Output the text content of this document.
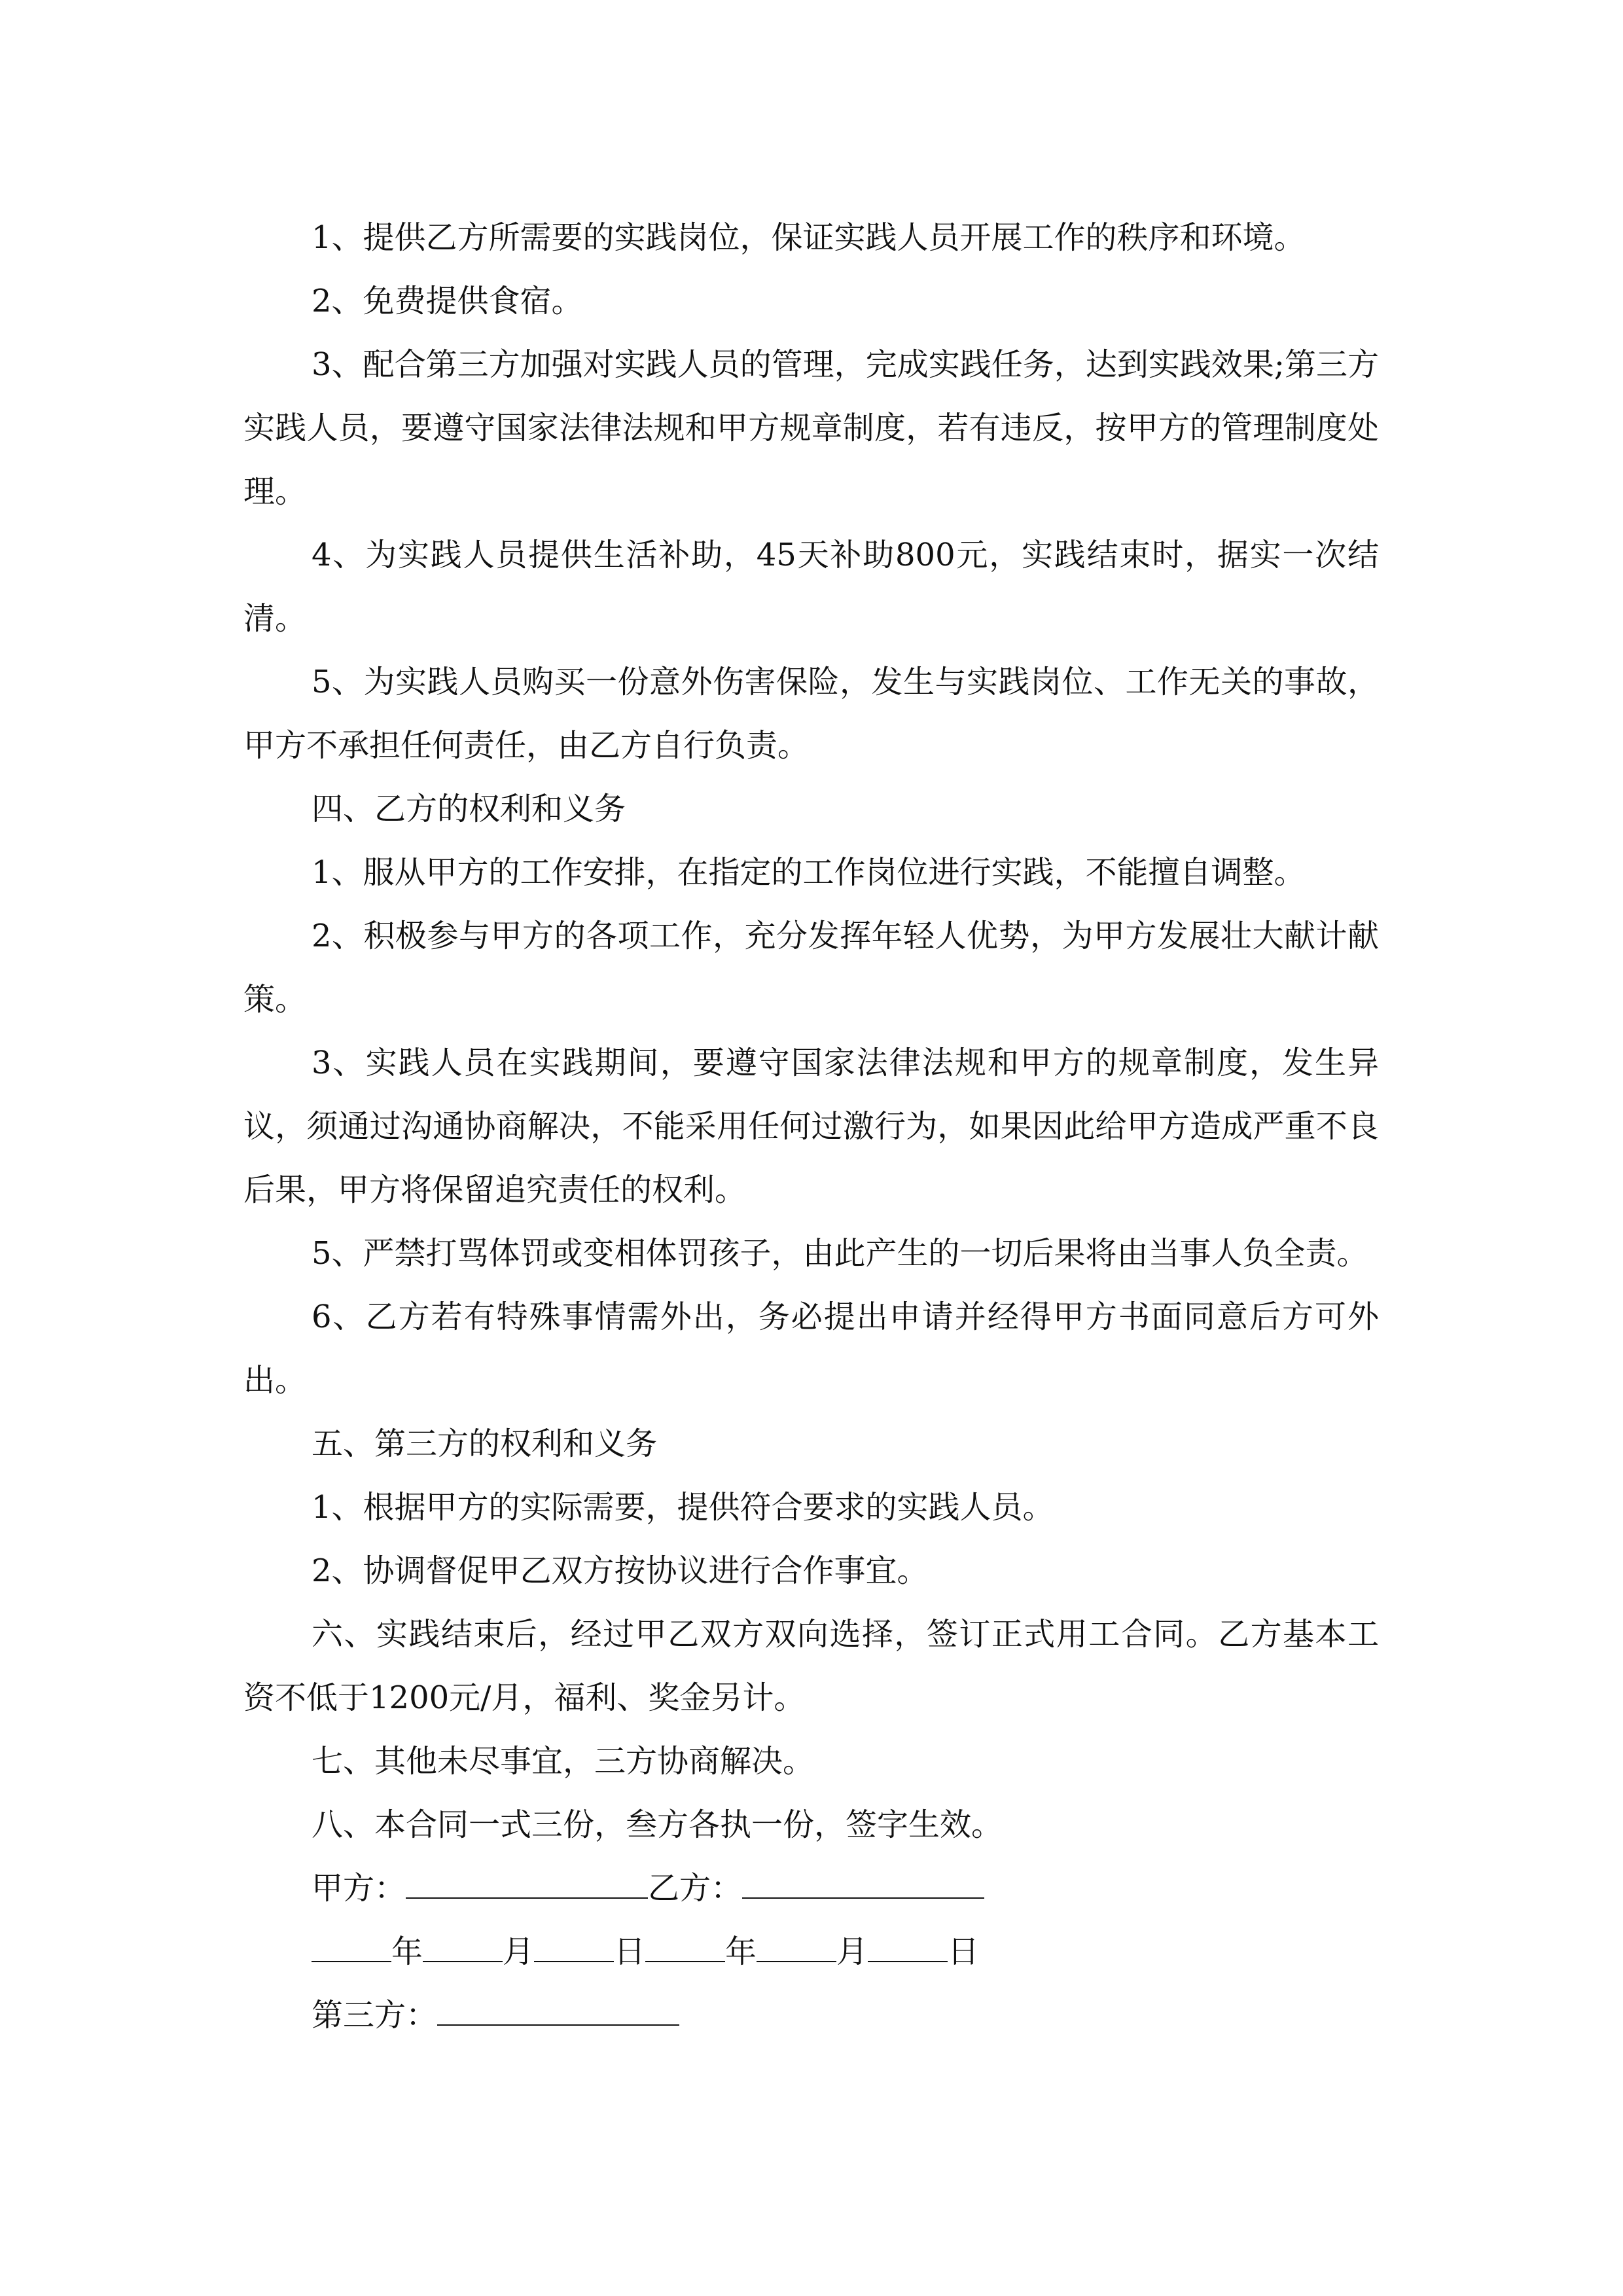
1、提供乙方所需要的实践岗位，保证实践人员开展工作的秩序和环境。

2、免费提供食宿。

3、配合第三方加强对实践人员的管理，完成实践任务，达到实践效果;第三方实践人员，要遵守国家法律法规和甲方规章制度，若有违反，按甲方的管理制度处理。

4、为实践人员提供生活补助，45天补助800元，实践结束时，据实一次结清。

5、为实践人员购买一份意外伤害保险，发生与实践岗位、工作无关的事故，甲方不承担任何责任，由乙方自行负责。

四、乙方的权利和义务

1、服从甲方的工作安排，在指定的工作岗位进行实践，不能擅自调整。

2、积极参与甲方的各项工作，充分发挥年轻人优势，为甲方发展壮大献计献策。

3、实践人员在实践期间，要遵守国家法律法规和甲方的规章制度，发生异议，须通过沟通协商解决，不能采用任何过激行为，如果因此给甲方造成严重不良后果，甲方将保留追究责任的权利。

5、严禁打骂体罚或变相体罚孩子，由此产生的一切后果将由当事人负全责。

6、乙方若有特殊事情需外出，务必提出申请并经得甲方书面同意后方可外出。

五、第三方的权利和义务

1、根据甲方的实际需要，提供符合要求的实践人员。

2、协调督促甲乙双方按协议进行合作事宜。

六、实践结束后，经过甲乙双方双向选择，签订正式用工合同。乙方基本工资不低于1200元/月，福利、奖金另计。

七、其他未尽事宜，三方协商解决。

八、本合同一式三份，叁方各执一份，签字生效。

甲方：	乙方：

年	月	日	年	月	日

第三方：
